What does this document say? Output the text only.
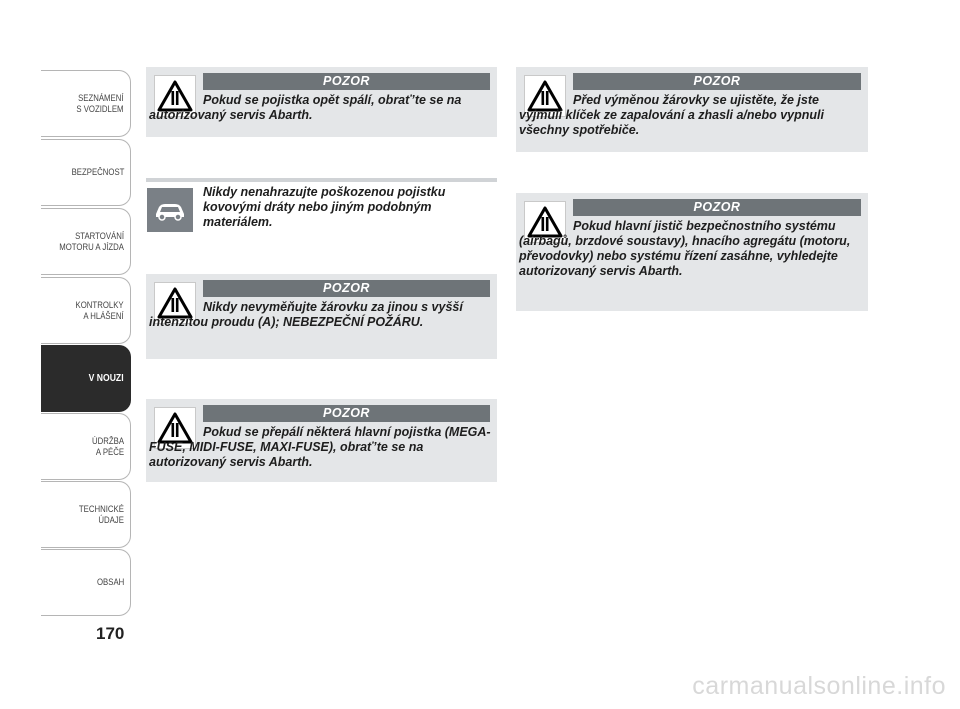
SEZNÁMENÍ
S VOZIDLEM
BEZPEČNOST
STARTOVÁNÍ
MOTORU A JÍZDA
KONTROLKY
A HLÁŠENÍ
V NOUZI
ÚDRŽBA
A PÉČE
TECHNICKÉ
ÚDAJE
OBSAH
170
POZOR
Pokud se pojistka opět spálí, obrať’te se na autorizovaný servis Abarth.
Nikdy nenahrazujte poškozenou pojistku kovovými dráty nebo jiným podobným materiálem.
POZOR
Nikdy nevyměňujte žárovku za jinou s vyšší intenzitou proudu (A); NEBEZPEČNÍ POŽÁRU.
POZOR
Pokud se přepálí některá hlavní pojistka (MEGA-FUSE, MIDI-FUSE, MAXI-FUSE), obrať’te se na autorizovaný servis Abarth.
POZOR
Před výměnou žárovky se ujistěte, že jste vyjmuli klíček ze zapalování a zhasli a/nebo vypnuli všechny spotřebiče.
POZOR
Pokud hlavní jistič bezpečnostního systému (airbagů, brzdové soustavy), hnacího agregátu (motoru, převodovky) nebo systému řízení zasáhne, vyhledejte autorizovaný servis Abarth.
carmanualsonline.info
